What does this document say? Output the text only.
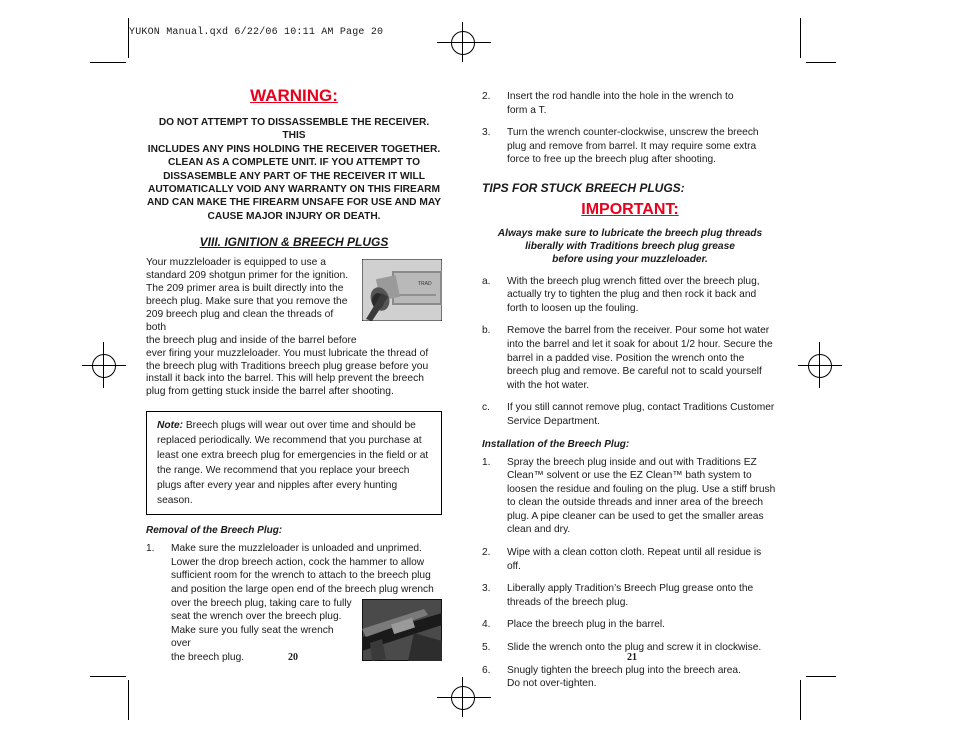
YUKON Manual.qxd 6/22/06 10:11 AM Page 20
WARNING:
DO NOT ATTEMPT TO DISSASSEMBLE THE RECEIVER. THIS
INCLUDES ANY PINS HOLDING THE RECEIVER TOGETHER.
CLEAN AS A COMPLETE UNIT. IF YOU ATTEMPT TO
DISSASEMBLE ANY PART OF THE RECEIVER IT WILL
AUTOMATICALLY VOID ANY WARRANTY ON THIS FIREARM
AND CAN MAKE THE FIREARM UNSAFE FOR USE AND MAY
CAUSE MAJOR INJURY OR DEATH.
VIII. IGNITION & BREECH PLUGS
TRAD
Your muzzleloader is equipped to use a
standard 209 shotgun primer for the ignition.
The 209 primer area is built directly into the
breech plug. Make sure that you remove the
209 breech plug and clean the threads of both
the breech plug and inside of the barrel before
ever firing your muzzleloader. You must lubricate the thread of
the breech plug with Traditions breech plug grease before you
install it back into the barrel. This will help prevent the breech
plug from getting stuck inside the barrel after shooting.
Note: Breech plugs will wear out over time and should be replaced periodically. We recommend that you purchase at least one extra breech plug for emergencies in the field or at the range. We recommend that you replace your breech plugs after every year and nipples after every hunting season.
Removal of the Breech Plug:
1.	Make sure the muzzleloader is unloaded and unprimed.
Lower the drop breech action, cock the hammer to allow
sufficient room for the wrench to attach to the breech plug
and position the large open end of the breech plug wrench
over the breech plug, taking care to fully
seat the wrench over the breech plug.
Make sure you fully seat the wrench over
the breech plug.	20
2.	Insert the rod handle into the hole in the wrench to form a T.
3.	Turn the wrench counter-clockwise, unscrew the breech plug and remove from barrel. It may require some extra force to free up the breech plug after shooting.
TIPS FOR STUCK BREECH PLUGS:
IMPORTANT:
Always make sure to lubricate the breech plug threads
liberally with Traditions breech plug grease
before using your muzzleloader.
a.	With the breech plug wrench fitted over the breech plug, actually try to tighten the plug and then rock it back and forth to loosen up the fouling.
b.	Remove the barrel from the receiver. Pour some hot water into the barrel and let it soak for about 1/2 hour. Secure the barrel in a padded vise. Position the wrench onto the breech plug and remove. Be careful not to scald yourself with the hot water.
c.	If you still cannot remove plug, contact Traditions Customer Service Department.
Installation of the Breech Plug:
1.	Spray the breech plug inside and out with Traditions EZ Clean™ solvent or use the EZ Clean™ bath system to loosen the residue and fouling on the plug. Use a stiff brush to clean the outside threads and inner area of the breech plug. A pipe cleaner can be used to get the smaller areas clean and dry.
2.	Wipe with a clean cotton cloth. Repeat until all residue is off.
3.	Liberally apply Tradition’s Breech Plug grease onto the threads of the breech plug.
4.	Place the breech plug in the barrel.
5.	Slide the wrench onto the plug and screw it in clockwise.
6.	Snugly tighten the breech plug into the breech area. Do not over-tighten.
21
